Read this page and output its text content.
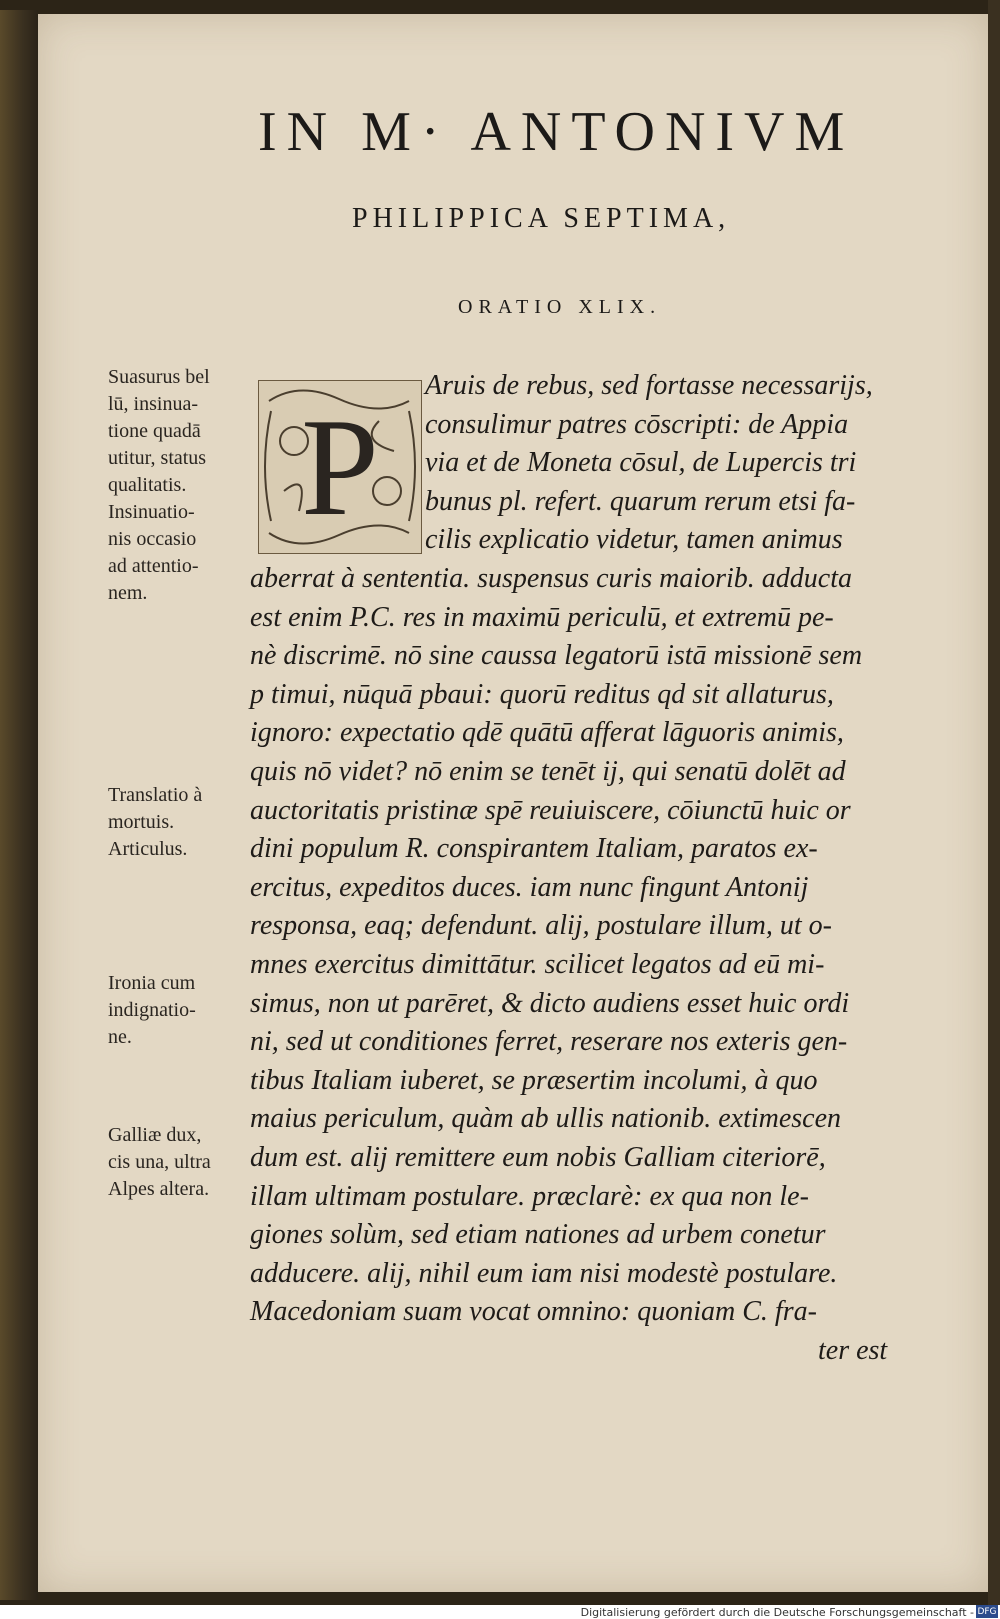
IN M· ANTONIVM
PHILIPPICA SEPTIMA,
ORATIO XLIX.
P
Suasurus bel
lū, insinua-
tione quadā
utitur, status
qualitatis.
Insinuatio-
nis occasio
ad attentio-
nem.
Translatio à
mortuis.
Articulus.
Ironia cum
indignatio-
ne.
Galliæ dux,
cis una, ultra
Alpes altera.
Aruis de rebus, sed fortasse necessarijs,
consulimur patres cōscripti: de Appia
via et de Moneta cōsul, de Lupercis tri
bunus pl. refert. quarum rerum etsi fa-
cilis explicatio videtur, tamen animus
aberrat à sententia. suspensus curis maiorib. adducta
est enim P.C. res in maximū periculū, et extremū pe-
nè discrimē. nō sine caussa legatorū istā missionē sem
p timui, nūquā pbaui: quorū reditus qd sit allaturus,
ignoro: expectatio qdē quātū afferat lāguoris animis,
quis nō videt? nō enim se tenēt ij, qui senatū dolēt ad
auctoritatis pristinæ spē reuiuiscere, cōiunctū huic or
dini populum R. conspirantem Italiam, paratos ex-
ercitus, expeditos duces. iam nunc fingunt Antonij
responsa, eaq; defendunt. alij, postulare illum, ut o-
mnes exercitus dimittātur. scilicet legatos ad eū mi-
simus, non ut parēret, & dicto audiens esset huic ordi
ni, sed ut conditiones ferret, reserare nos exteris gen-
tibus Italiam iuberet, se præsertim incolumi, à quo
maius periculum, quàm ab ullis nationib. extimescen
dum est. alij remittere eum nobis Galliam citeriorē,
illam ultimam postulare. præclarè: ex qua non le-
giones solùm, sed etiam nationes ad urbem conetur
adducere. alij, nihil eum iam nisi modestè postulare.
Macedoniam suam vocat omnino: quoniam C. fra-
ter est
Digitalisierung gefördert durch die Deutsche Forschungsgemeinschaft - DFG
